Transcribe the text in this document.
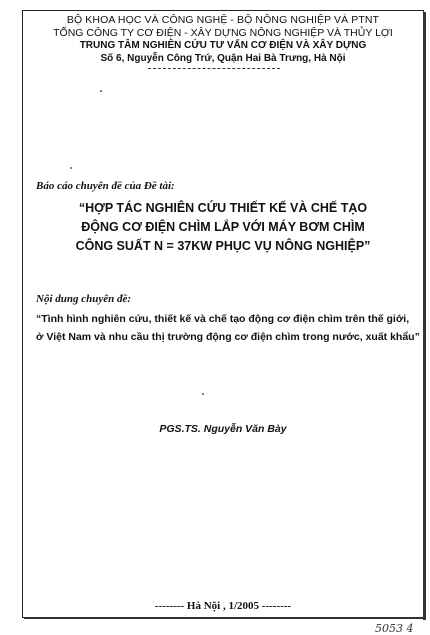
BỘ KHOA HỌC VÀ CÔNG NGHỆ - BỘ NÔNG NGHIỆP VÀ PTNT
TỔNG CÔNG TY CƠ ĐIỆN - XÂY DỰNG NÔNG NGHIỆP VÀ THỦY LỢI
TRUNG TÂM NGHIÊN CỨU TƯ VẤN CƠ ĐIỆN VÀ XÂY DỰNG
Số 6, Nguyễn Công Trứ, Quận Hai Bà Trưng, Hà Nội
Báo cáo chuyên đề của Đề tài:
“HỢP TÁC NGHIÊN CỨU THIẾT KẾ VÀ CHẾ TẠO
ĐỘNG CƠ ĐIỆN CHÌM LẮP VỚI MÁY BƠM CHÌM
CÔNG SUẤT N = 37KW PHỤC VỤ NÔNG NGHIỆP”
Nội dung chuyên đề:
“Tình hình nghiên cứu, thiết kế và chế tạo động cơ điện chìm trên thế giới,
ở Việt Nam và nhu cầu thị trường động cơ điện chìm trong nước, xuất khẩu”
PGS.TS. Nguyễn Văn Bày
-------- Hà Nội , 1/2005 --------
5053 4
